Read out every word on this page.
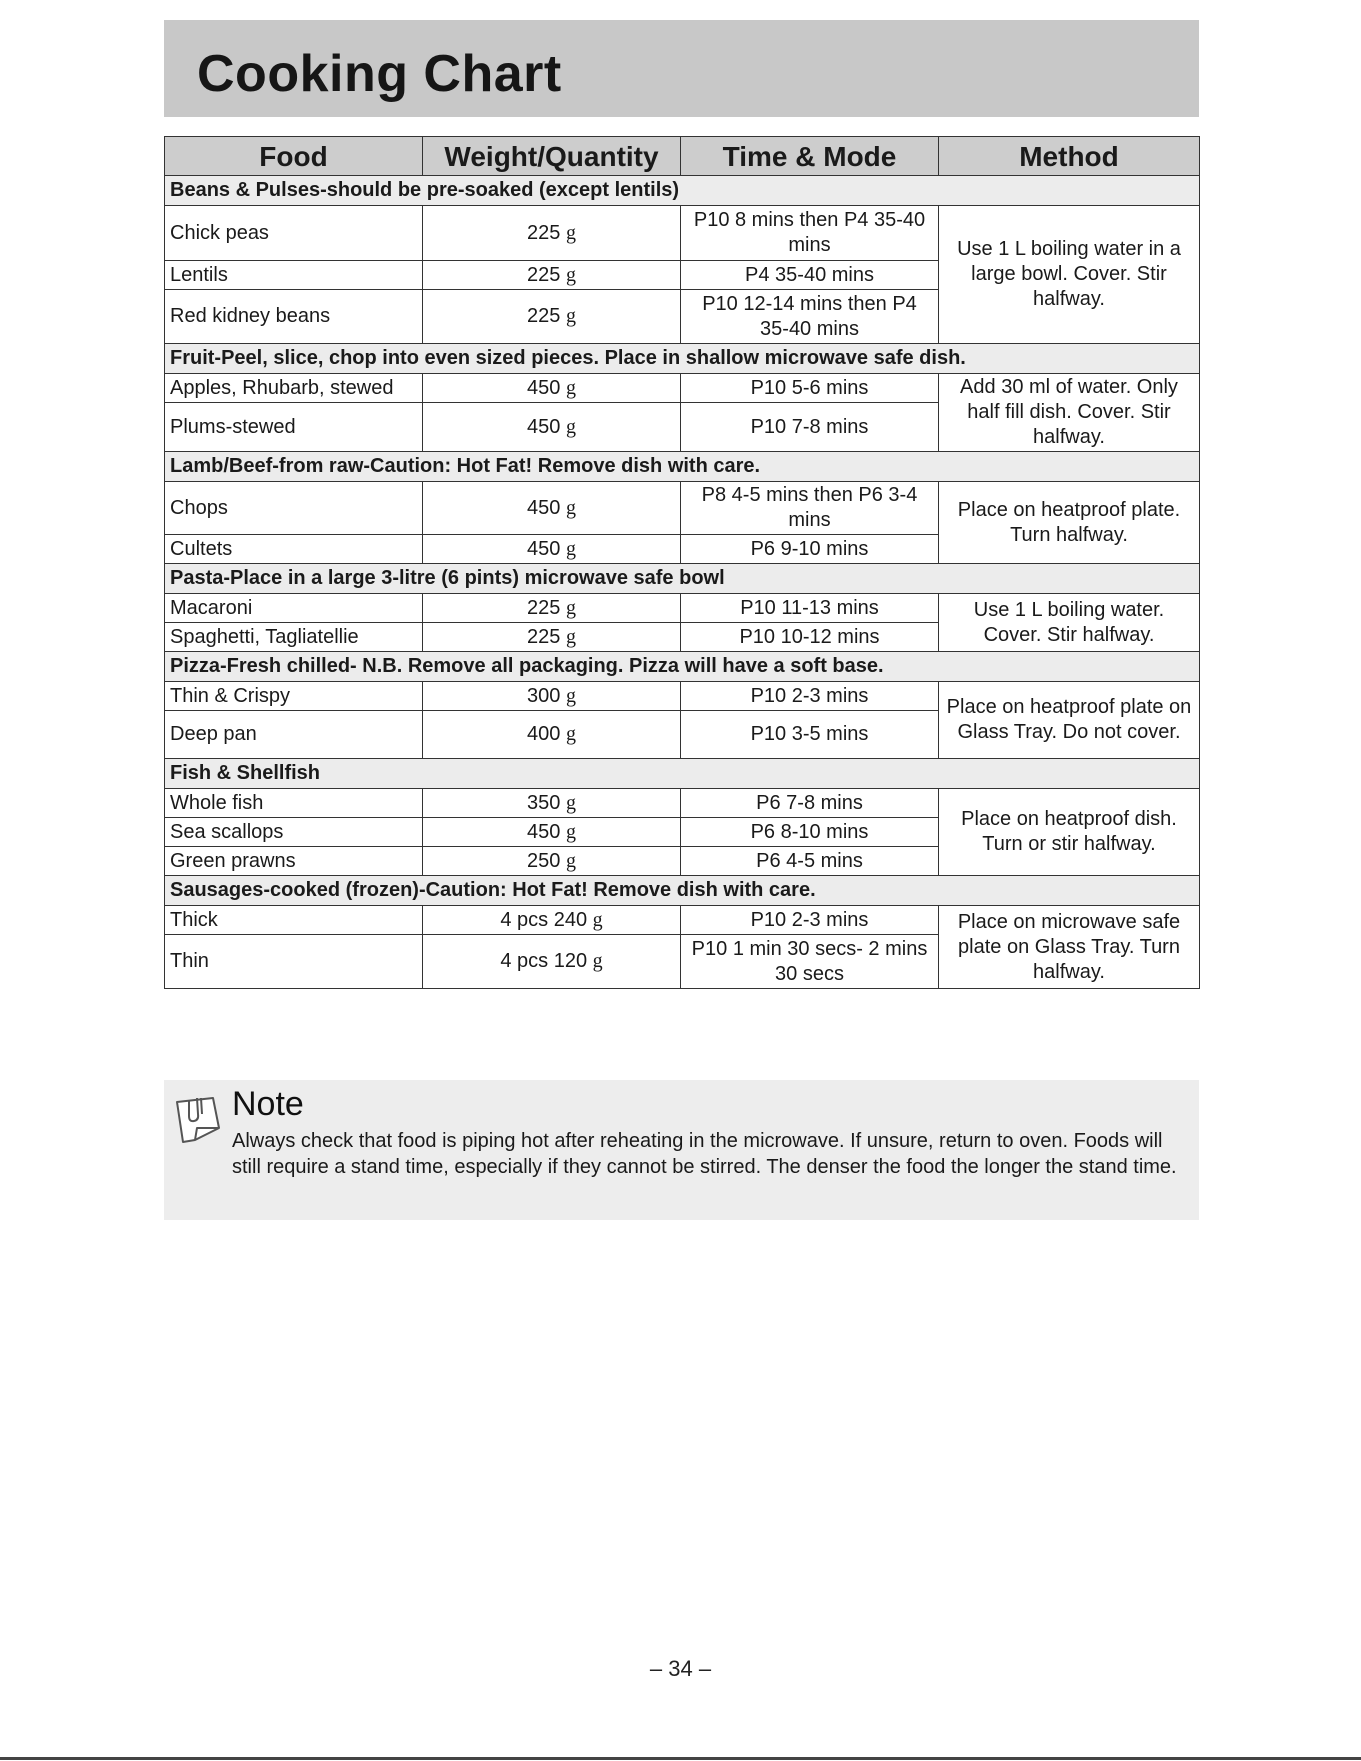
Cooking Chart
Food	Weight/Quantity	Time & Mode	Method
Beans & Pulses-should be pre-soaked (except lentils)			
Chick peas	225 g	P10 8 mins then P4 35-40 mins	Use 1 L boiling water in a large bowl. Cover. Stir halfway.
Lentils	225 g	P4 35-40 mins	
Red kidney beans	225 g	P10 12-14 mins then P4 35-40 mins	
Fruit-Peel, slice, chop into even sized pieces. Place in shallow microwave safe dish.			
Apples, Rhubarb, stewed	450 g	P10 5-6 mins	Add 30 ml of water. Only half fill dish. Cover. Stir halfway.
Plums-stewed	450 g	P10 7-8 mins	
Lamb/Beef-from raw-Caution: Hot Fat! Remove dish with care.			
Chops	450 g	P8 4-5 mins then P6 3-4 mins	Place on heatproof plate. Turn halfway.
Cultets	450 g	P6 9-10 mins	
Pasta-Place in a large 3-litre (6 pints) microwave safe bowl			
Macaroni	225 g	P10 11-13 mins	Use 1 L boiling water. Cover. Stir halfway.
Spaghetti, Tagliatellie	225 g	P10 10-12 mins	
Pizza-Fresh chilled- N.B. Remove all packaging. Pizza will have a soft base.			
Thin & Crispy	300 g	P10 2-3 mins	Place on heatproof plate on Glass Tray. Do not cover.
Deep pan	400 g	P10 3-5 mins	
Fish & Shellfish			
Whole fish	350 g	P6 7-8 mins	Place on heatproof dish. Turn or stir halfway.
Sea scallops	450 g	P6 8-10 mins	
Green prawns	250 g	P6 4-5 mins	
Sausages-cooked (frozen)-Caution: Hot Fat! Remove dish with care.			
Thick	4 pcs 240 g	P10 2-3 mins	Place on microwave safe plate on Glass Tray. Turn halfway.
Thin	4 pcs 120 g	P10 1 min 30 secs- 2 mins 30 secs	
Note
Always check that food is piping hot after reheating in the microwave. If unsure, return to oven. Foods will still require a stand time, especially if they cannot be stirred. The denser the food the longer the stand time.
– 34 –
